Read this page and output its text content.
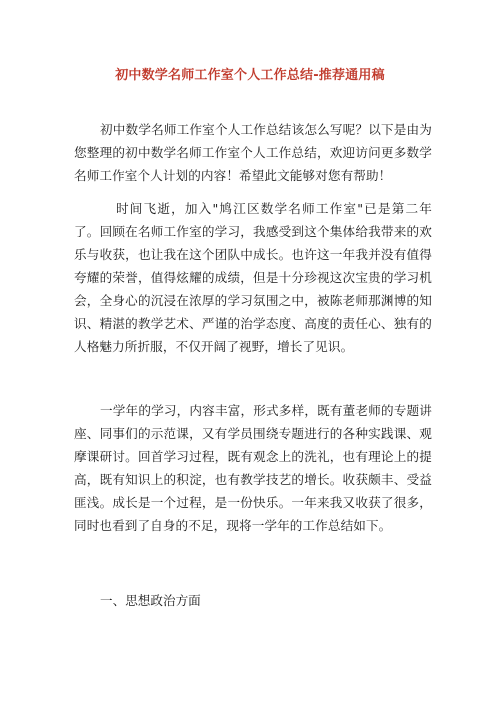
初中数学名师工作室个人工作总结-推荐通用稿

初中数学名师工作室个人工作总结该怎么写呢？以下是由为您整理的初中数学名师工作室个人工作总结，欢迎访问更多数学名师工作室个人计划的内容！希望此文能够对您有帮助！

时间飞逝，加入"鸠江区数学名师工作室"已是第二年了。回顾在名师工作室的学习，我感受到这个集体给我带来的欢乐与收获，也让我在这个团队中成长。也许这一年我并没有值得夸耀的荣誉，值得炫耀的成绩，但是十分珍视这次宝贵的学习机会，全身心的沉浸在浓厚的学习氛围之中，被陈老师那渊博的知识、精湛的教学艺术、严谨的治学态度、高度的责任心、独有的人格魅力所折服，不仅开阔了视野，增长了见识。

一学年的学习，内容丰富，形式多样，既有董老师的专题讲座、同事们的示范课，又有学员围绕专题进行的各种实践课、观摩课研讨。回首学习过程，既有观念上的洗礼，也有理论上的提高，既有知识上的积淀，也有教学技艺的增长。收获颇丰、受益匪浅。成长是一个过程，是一份快乐。一年来我又收获了很多，同时也看到了自身的不足，现将一学年的工作总结如下。

一、思想政治方面
